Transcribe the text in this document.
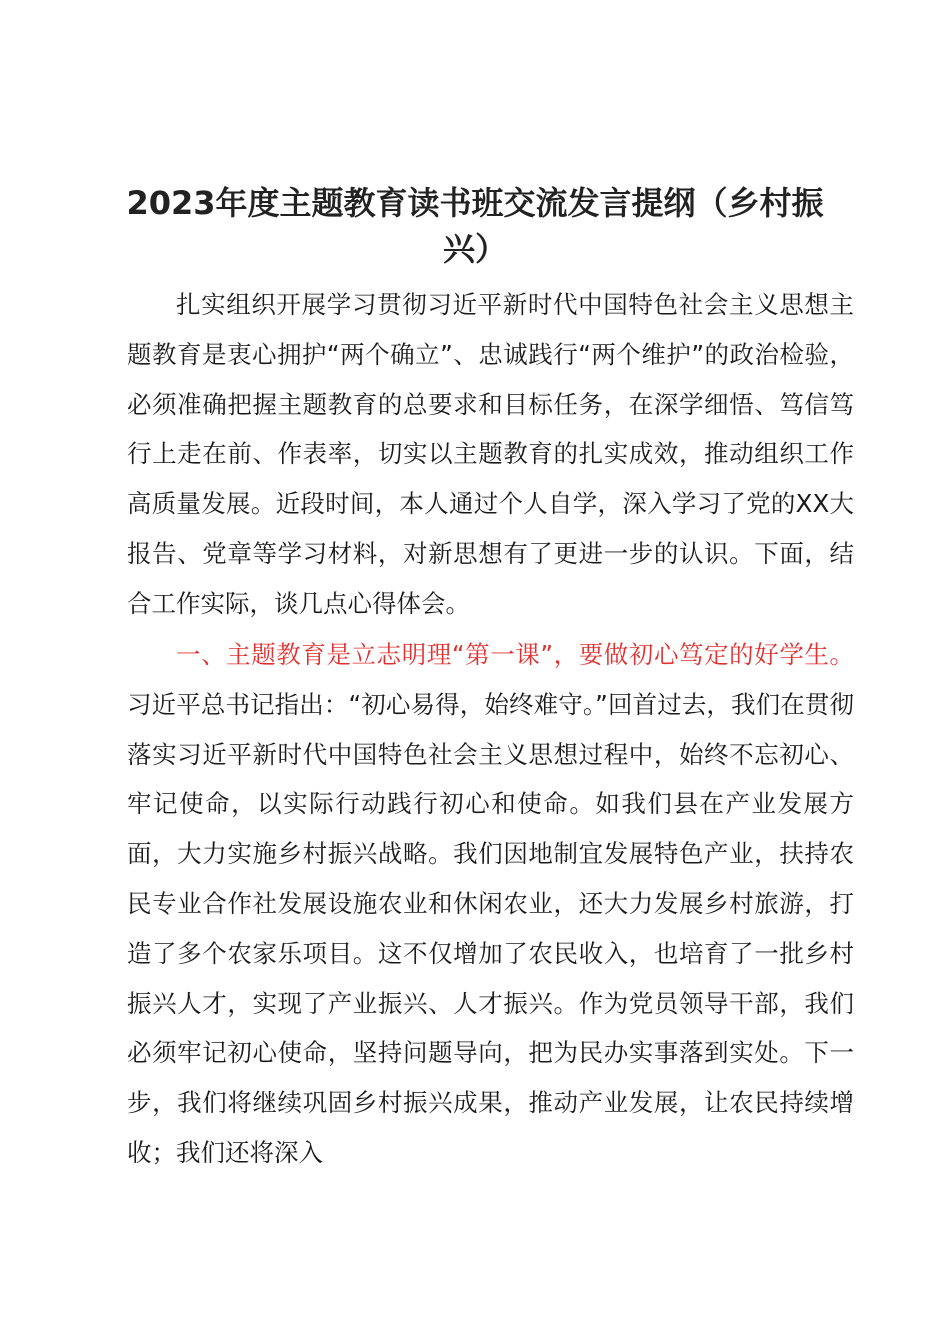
2023年度主题教育读书班交流发言提纲（乡村振兴）

扎实组织开展学习贯彻习近平新时代中国特色社会主义思想主题教育是衷心拥护“两个确立”、忠诚践行“两个维护”的政治检验，必须准确把握主题教育的总要求和目标任务，在深学细悟、笃信笃行上走在前、作表率，切实以主题教育的扎实成效，推动组织工作高质量发展。近段时间，本人通过个人自学，深入学习了党的XX大报告、党章等学习材料，对新思想有了更进一步的认识。下面，结合工作实际，谈几点心得体会。

一、主题教育是立志明理“第一课”，要做初心笃定的好学生。习近平总书记指出：“初心易得，始终难守。”回首过去，我们在贯彻落实习近平新时代中国特色社会主义思想过程中，始终不忘初心、牢记使命，以实际行动践行初心和使命。如我们县在产业发展方面，大力实施乡村振兴战略。我们因地制宜发展特色产业，扶持农民专业合作社发展设施农业和休闲农业，还大力发展乡村旅游，打造了多个农家乐项目。这不仅增加了农民收入，也培育了一批乡村振兴人才，实现了产业振兴、人才振兴。作为党员领导干部，我们必须牢记初心使命，坚持问题导向，把为民办实事落到实处。下一步，我们将继续巩固乡村振兴成果，推动产业发展，让农民持续增收；我们还将深入
